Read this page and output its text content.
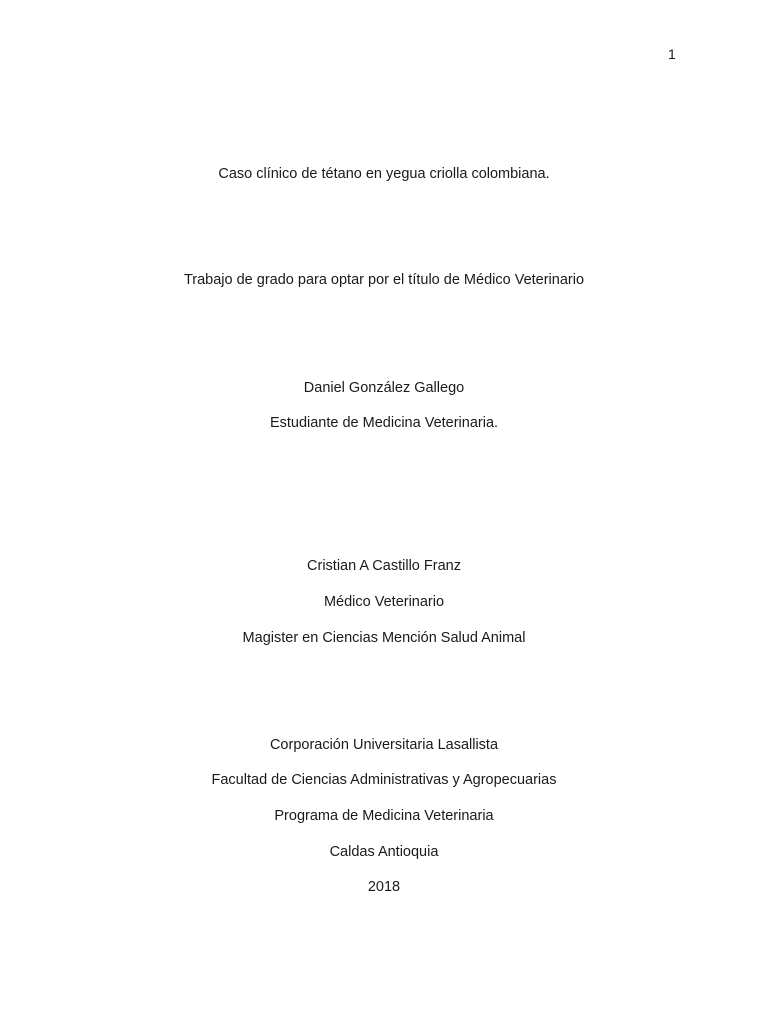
1
Caso clínico de tétano en yegua criolla colombiana.
Trabajo de grado para optar por el título de Médico Veterinario
Daniel González Gallego
Estudiante de Medicina Veterinaria.
Cristian A Castillo Franz
Médico Veterinario
Magister en Ciencias Mención Salud Animal
Corporación Universitaria Lasallista
Facultad de Ciencias Administrativas y Agropecuarias
Programa de Medicina Veterinaria
Caldas Antioquia
2018
